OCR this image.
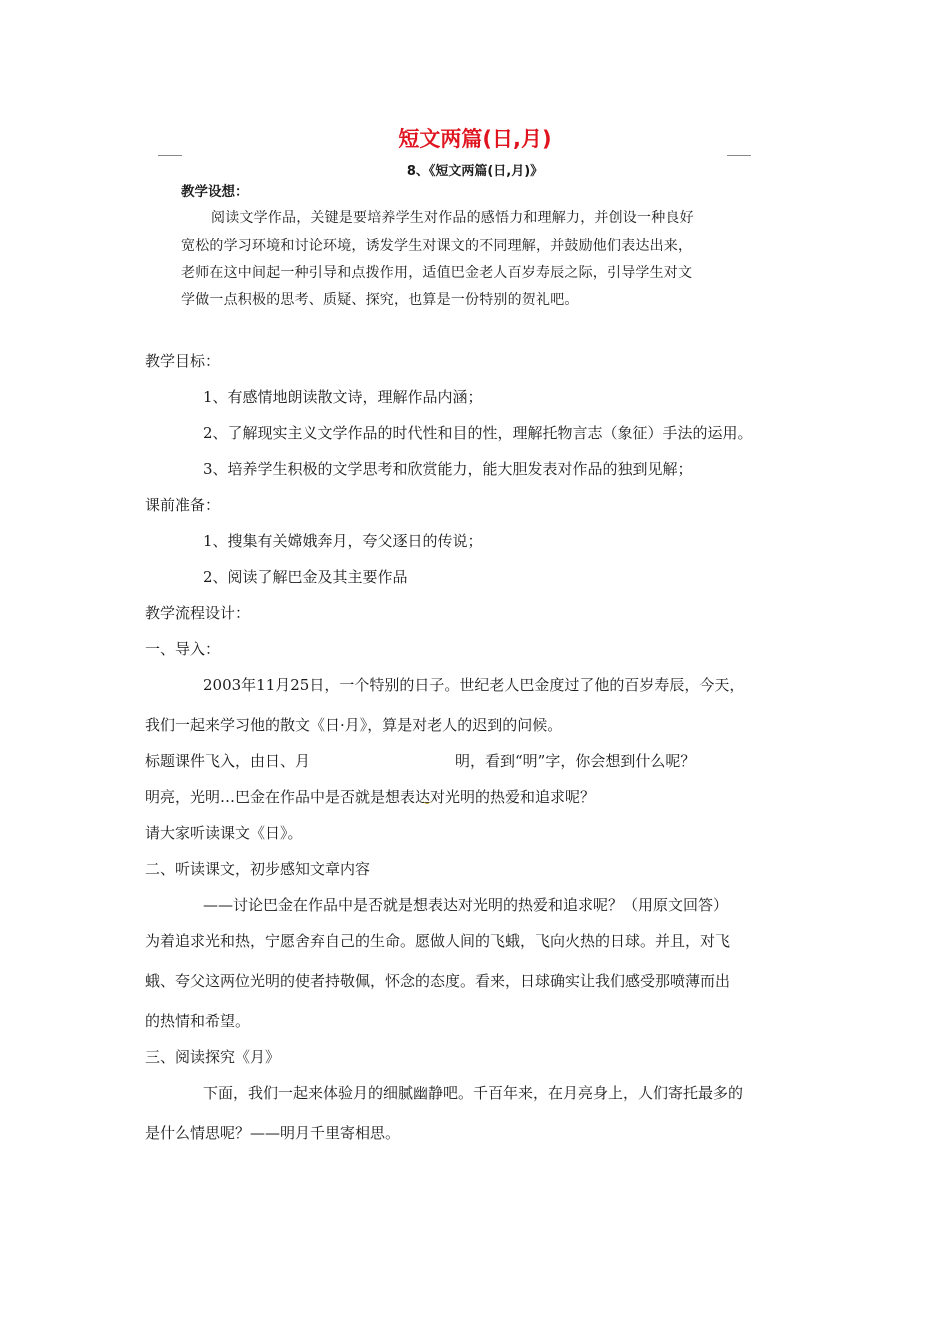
短文两篇(日,月)
8、《短文两篇(日,月)》
教学设想：
阅读文学作品，关键是要培养学生对作品的感悟力和理解力，并创设一种良好
宽松的学习环境和讨论环境，诱发学生对课文的不同理解，并鼓励他们表达出来，
老师在这中间起一种引导和点拨作用，适值巴金老人百岁寿辰之际，引导学生对文
学做一点积极的思考、质疑、探究，也算是一份特别的贺礼吧。
教学目标：
1、有感情地朗读散文诗，理解作品内涵；
2、了解现实主义文学作品的时代性和目的性，理解托物言志（象征）手法的运用。
3、培养学生积极的文学思考和欣赏能力，能大胆发表对作品的独到见解；
课前准备：
1、搜集有关嫦娥奔月，夸父逐日的传说；
2、阅读了解巴金及其主要作品
教学流程设计：
一、导入：
2003年11月25日，一个特别的日子。世纪老人巴金度过了他的百岁寿辰，今天，
我们一起来学习他的散文《日·月》，算是对老人的迟到的问候。
标题课件飞入，由日、月	明，看到“明”字，你会想到什么呢？
明亮，光明…巴金在作品中是否就是想表达对光明的热爱和追求呢？
请大家听读课文《日》。
二、听读课文，初步感知文章内容
——讨论巴金在作品中是否就是想表达对光明的热爱和追求呢？（用原文回答）
为着追求光和热，宁愿舍弃自己的生命。愿做人间的飞蛾，飞向火热的日球。并且，对飞
蛾、夸父这两位光明的使者持敬佩，怀念的态度。看来，日球确实让我们感受那喷薄而出
的热情和希望。
三、阅读探究《月》
下面，我们一起来体验月的细腻幽静吧。千百年来，在月亮身上，人们寄托最多的
是什么情思呢？——明月千里寄相思。
